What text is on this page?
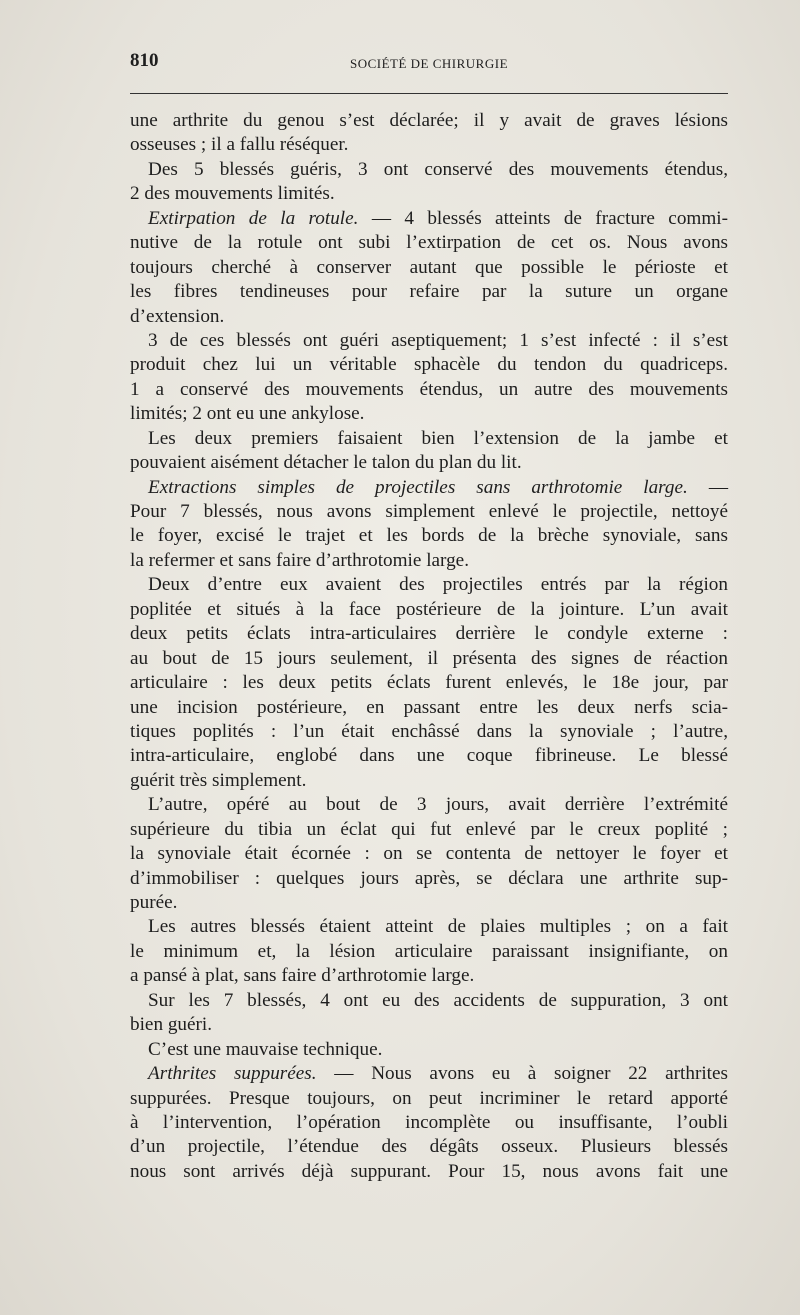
810	SOCIÉTÉ DE CHIRURGIE
une arthrite du genou s’est déclarée; il y avait de graves lésions
osseuses ; il a fallu réséquer.
Des 5 blessés guéris, 3 ont conservé des mouvements étendus,
2 des mouvements limités.
Extirpation de la rotule. — 4 blessés atteints de fracture commi-
nutive de la rotule ont subi l’extirpation de cet os. Nous avons
toujours cherché à conserver autant que possible le périoste et
les fibres tendineuses pour refaire par la suture un organe
d’extension.
3 de ces blessés ont guéri aseptiquement; 1 s’est infecté : il s’est
produit chez lui un véritable sphacèle du tendon du quadriceps.
1 a conservé des mouvements étendus, un autre des mouvements
limités; 2 ont eu une ankylose.
Les deux premiers faisaient bien l’extension de la jambe et
pouvaient aisément détacher le talon du plan du lit.
Extractions simples de projectiles sans arthrotomie large. —
Pour 7 blessés, nous avons simplement enlevé le projectile, nettoyé
le foyer, excisé le trajet et les bords de la brèche synoviale, sans
la refermer et sans faire d’arthrotomie large.
Deux d’entre eux avaient des projectiles entrés par la région
poplitée et situés à la face postérieure de la jointure. L’un avait
deux petits éclats intra-articulaires derrière le condyle externe :
au bout de 15 jours seulement, il présenta des signes de réaction
articulaire : les deux petits éclats furent enlevés, le 18e jour, par
une incision postérieure, en passant entre les deux nerfs scia-
tiques poplités : l’un était enchâssé dans la synoviale ; l’autre,
intra-articulaire, englobé dans une coque fibrineuse. Le blessé
guérit très simplement.
L’autre, opéré au bout de 3 jours, avait derrière l’extrémité
supérieure du tibia un éclat qui fut enlevé par le creux poplité ;
la synoviale était écornée : on se contenta de nettoyer le foyer et
d’immobiliser : quelques jours après, se déclara une arthrite sup-
purée.
Les autres blessés étaient atteint de plaies multiples ; on a fait
le minimum et, la lésion articulaire paraissant insignifiante, on
a pansé à plat, sans faire d’arthrotomie large.
Sur les 7 blessés, 4 ont eu des accidents de suppuration, 3 ont
bien guéri.
C’est une mauvaise technique.
Arthrites suppurées. — Nous avons eu à soigner 22 arthrites
suppurées. Presque toujours, on peut incriminer le retard apporté
à l’intervention, l’opération incomplète ou insuffisante, l’oubli
d’un projectile, l’étendue des dégâts osseux. Plusieurs blessés
nous sont arrivés déjà suppurant. Pour 15, nous avons fait une
